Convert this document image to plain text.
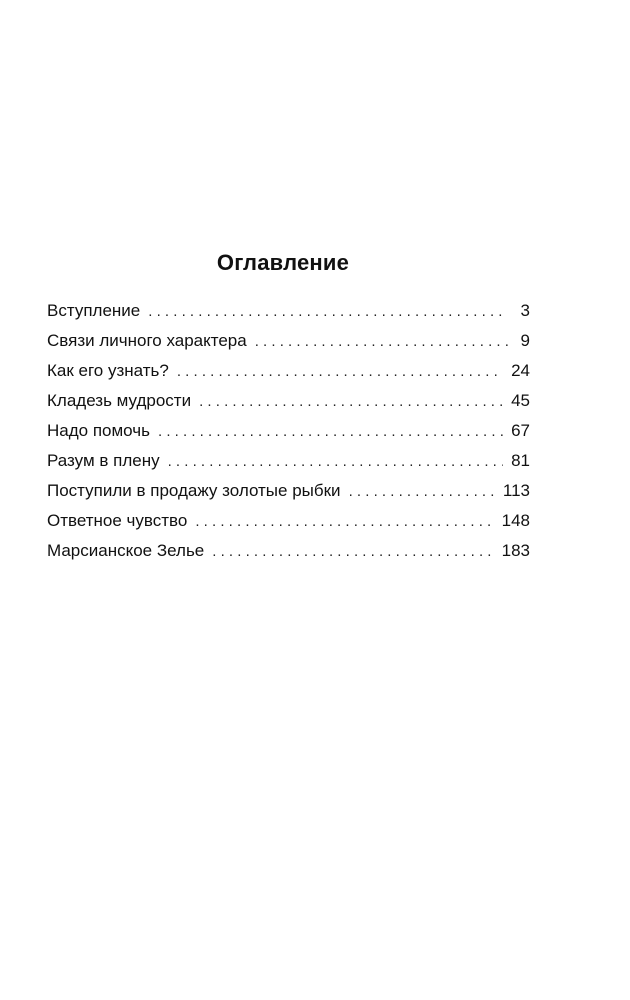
Оглавление
Вступление . . .	3
Связи личного характера . . .	9
Как его узнать? . . .	24
Кладезь мудрости . . .	45
Надо помочь . . .	67
Разум в плену . . .	81
Поступили в продажу золотые рыбки . . .	113
Ответное чувство . . .	148
Марсианское Зелье . . .	183
